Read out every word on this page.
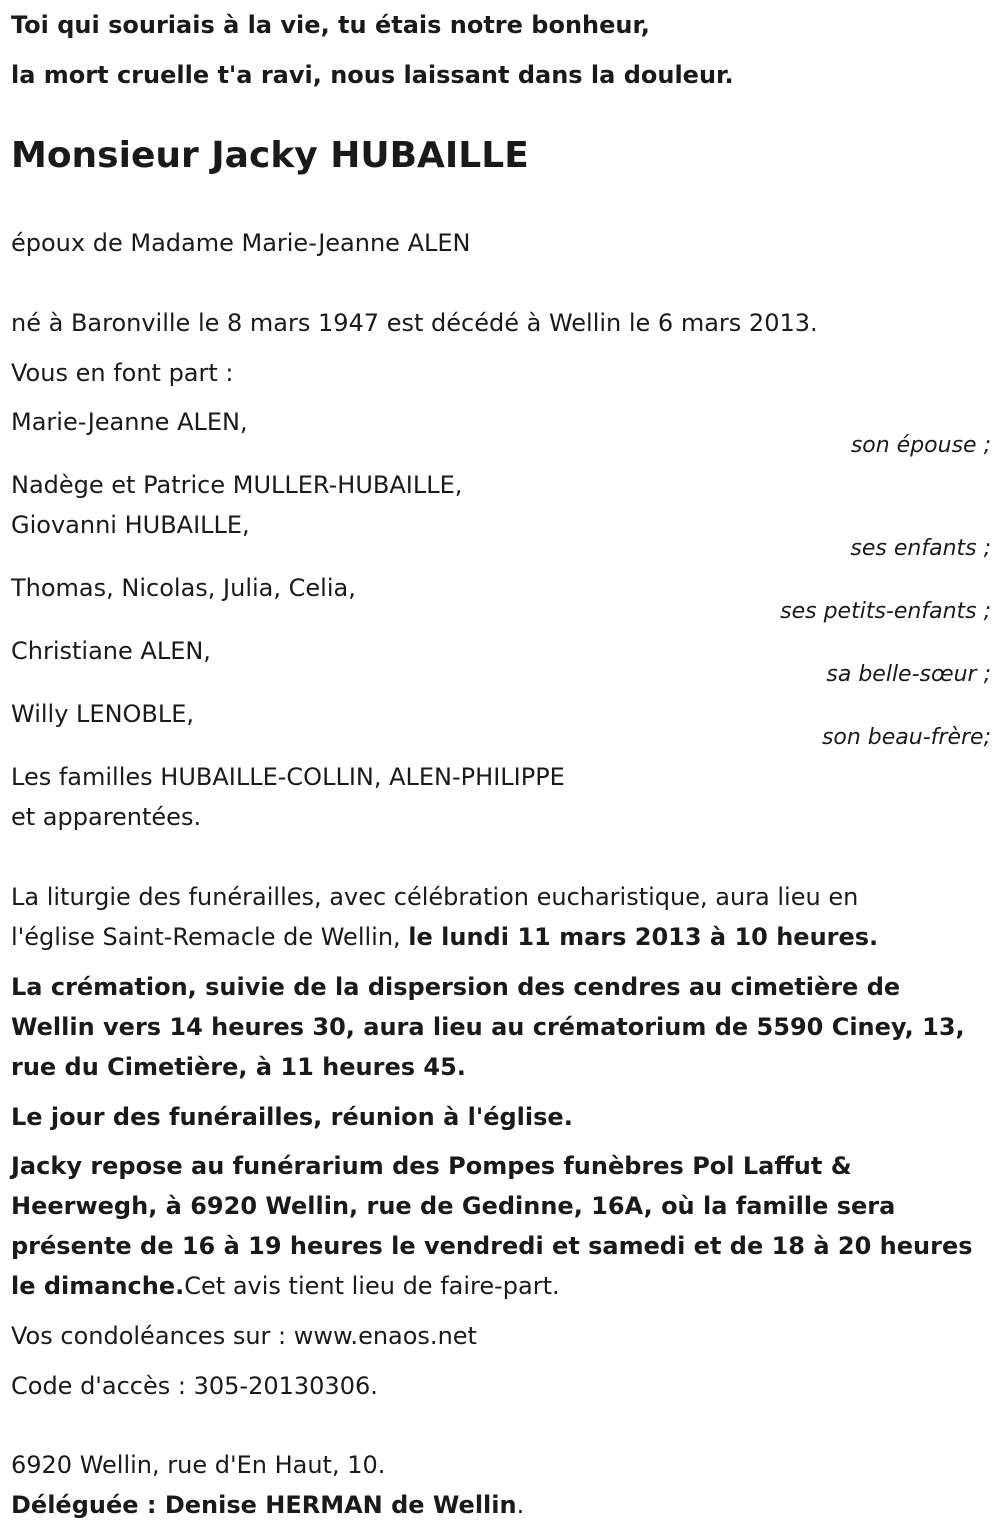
Toi qui souriais à la vie, tu étais notre bonheur,
la mort cruelle t'a ravi, nous laissant dans la douleur.
Monsieur Jacky HUBAILLE
époux de Madame Marie-Jeanne ALEN
né à Baronville le 8 mars 1947 est décédé à Wellin le 6 mars 2013.
Vous en font part :
Marie-Jeanne ALEN,
son épouse ;
Nadège et Patrice MULLER-HUBAILLE,
Giovanni HUBAILLE,
ses enfants ;
Thomas, Nicolas, Julia, Celia,
ses petits-enfants ;
Christiane ALEN,
sa belle-sœur ;
Willy LENOBLE,
son beau-frère;
Les familles HUBAILLE-COLLIN, ALEN-PHILIPPE
et apparentées.
La liturgie des funérailles, avec célébration eucharistique, aura lieu en
l'église Saint-Remacle de Wellin, le lundi 11 mars 2013 à 10 heures.
La crémation, suivie de la dispersion des cendres au cimetière de
Wellin vers 14 heures 30, aura lieu au crématorium de 5590 Ciney, 13,
rue du Cimetière, à 11 heures 45.
Le jour des funérailles, réunion à l'église.
Jacky repose au funérarium des Pompes funèbres Pol Laffut &
Heerwegh, à 6920 Wellin, rue de Gedinne, 16A, où la famille sera
présente de 16 à 19 heures le vendredi et samedi et de 18 à 20 heures
le dimanche.Cet avis tient lieu de faire-part.
Vos condoléances sur : www.enaos.net
Code d'accès : 305-20130306.
6920 Wellin, rue d'En Haut, 10.
Déléguée : Denise HERMAN de Wellin.
